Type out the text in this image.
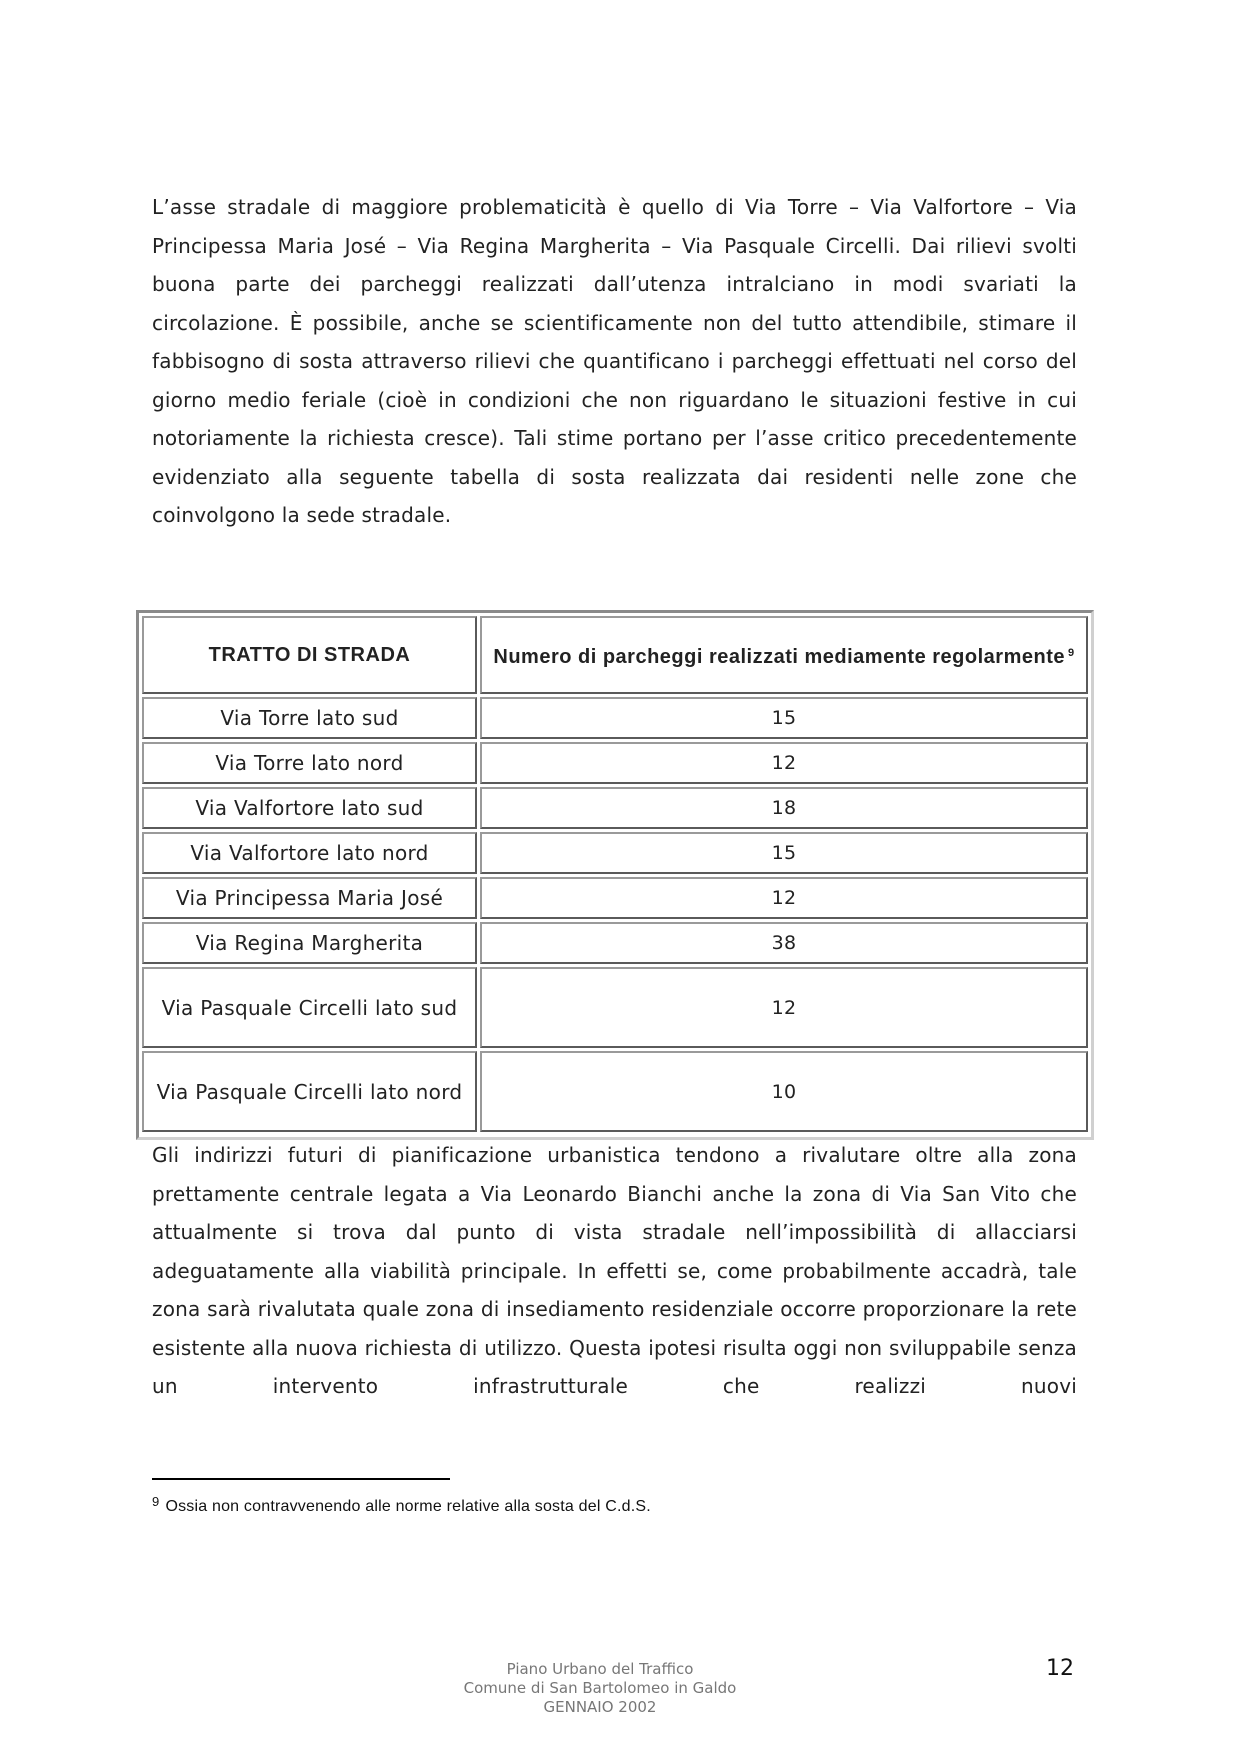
L’asse stradale di maggiore problematicità è quello di Via Torre – Via Valfortore – Via Principessa Maria José – Via Regina Margherita – Via Pasquale Circelli. Dai rilievi svolti buona parte dei parcheggi realizzati dall’utenza intralciano in modi svariati la circolazione. È possibile, anche se scientificamente non del tutto attendibile, stimare il fabbisogno di sosta attraverso rilievi che quantificano i parcheggi effettuati nel corso del giorno medio feriale (cioè in condizioni che non riguardano le situazioni festive in cui notoriamente la richiesta cresce). Tali stime portano per l’asse critico precedentemente evidenziato alla seguente tabella di sosta realizzata dai residenti nelle zone che coinvolgono la sede stradale.

TRATTO DI STRADA	Numero di parcheggi realizzati mediamente regolarmente $^9$
Via Torre lato sud	15
Via Torre lato nord	12
Via Valfortore lato sud	18
Via Valfortore lato nord	15
Via Principessa Maria José	12
Via Regina Margherita	38
Via Pasquale Circelli lato sud	12
Via Pasquale Circelli lato nord	10

Gli indirizzi futuri di pianificazione urbanistica tendono a rivalutare oltre alla zona prettamente centrale legata a Via Leonardo Bianchi anche la zona di Via San Vito che attualmente si trova dal punto di vista stradale nell’impossibilità di allacciarsi adeguatamente alla viabilità principale. In effetti se, come probabilmente accadrà, tale zona sarà rivalutata quale zona di insediamento residenziale occorre proporzionare la rete esistente alla nuova richiesta di utilizzo. Questa ipotesi risulta oggi non sviluppabile senza un intervento infrastrutturale che realizzi nuovi

$^9$ Ossia non contravvenendo alle norme relative alla sosta del C.d.S.
Piano Urbano del Traffico
Comune di San Bartolomeo in Galdo
GENNAIO 2002
12
